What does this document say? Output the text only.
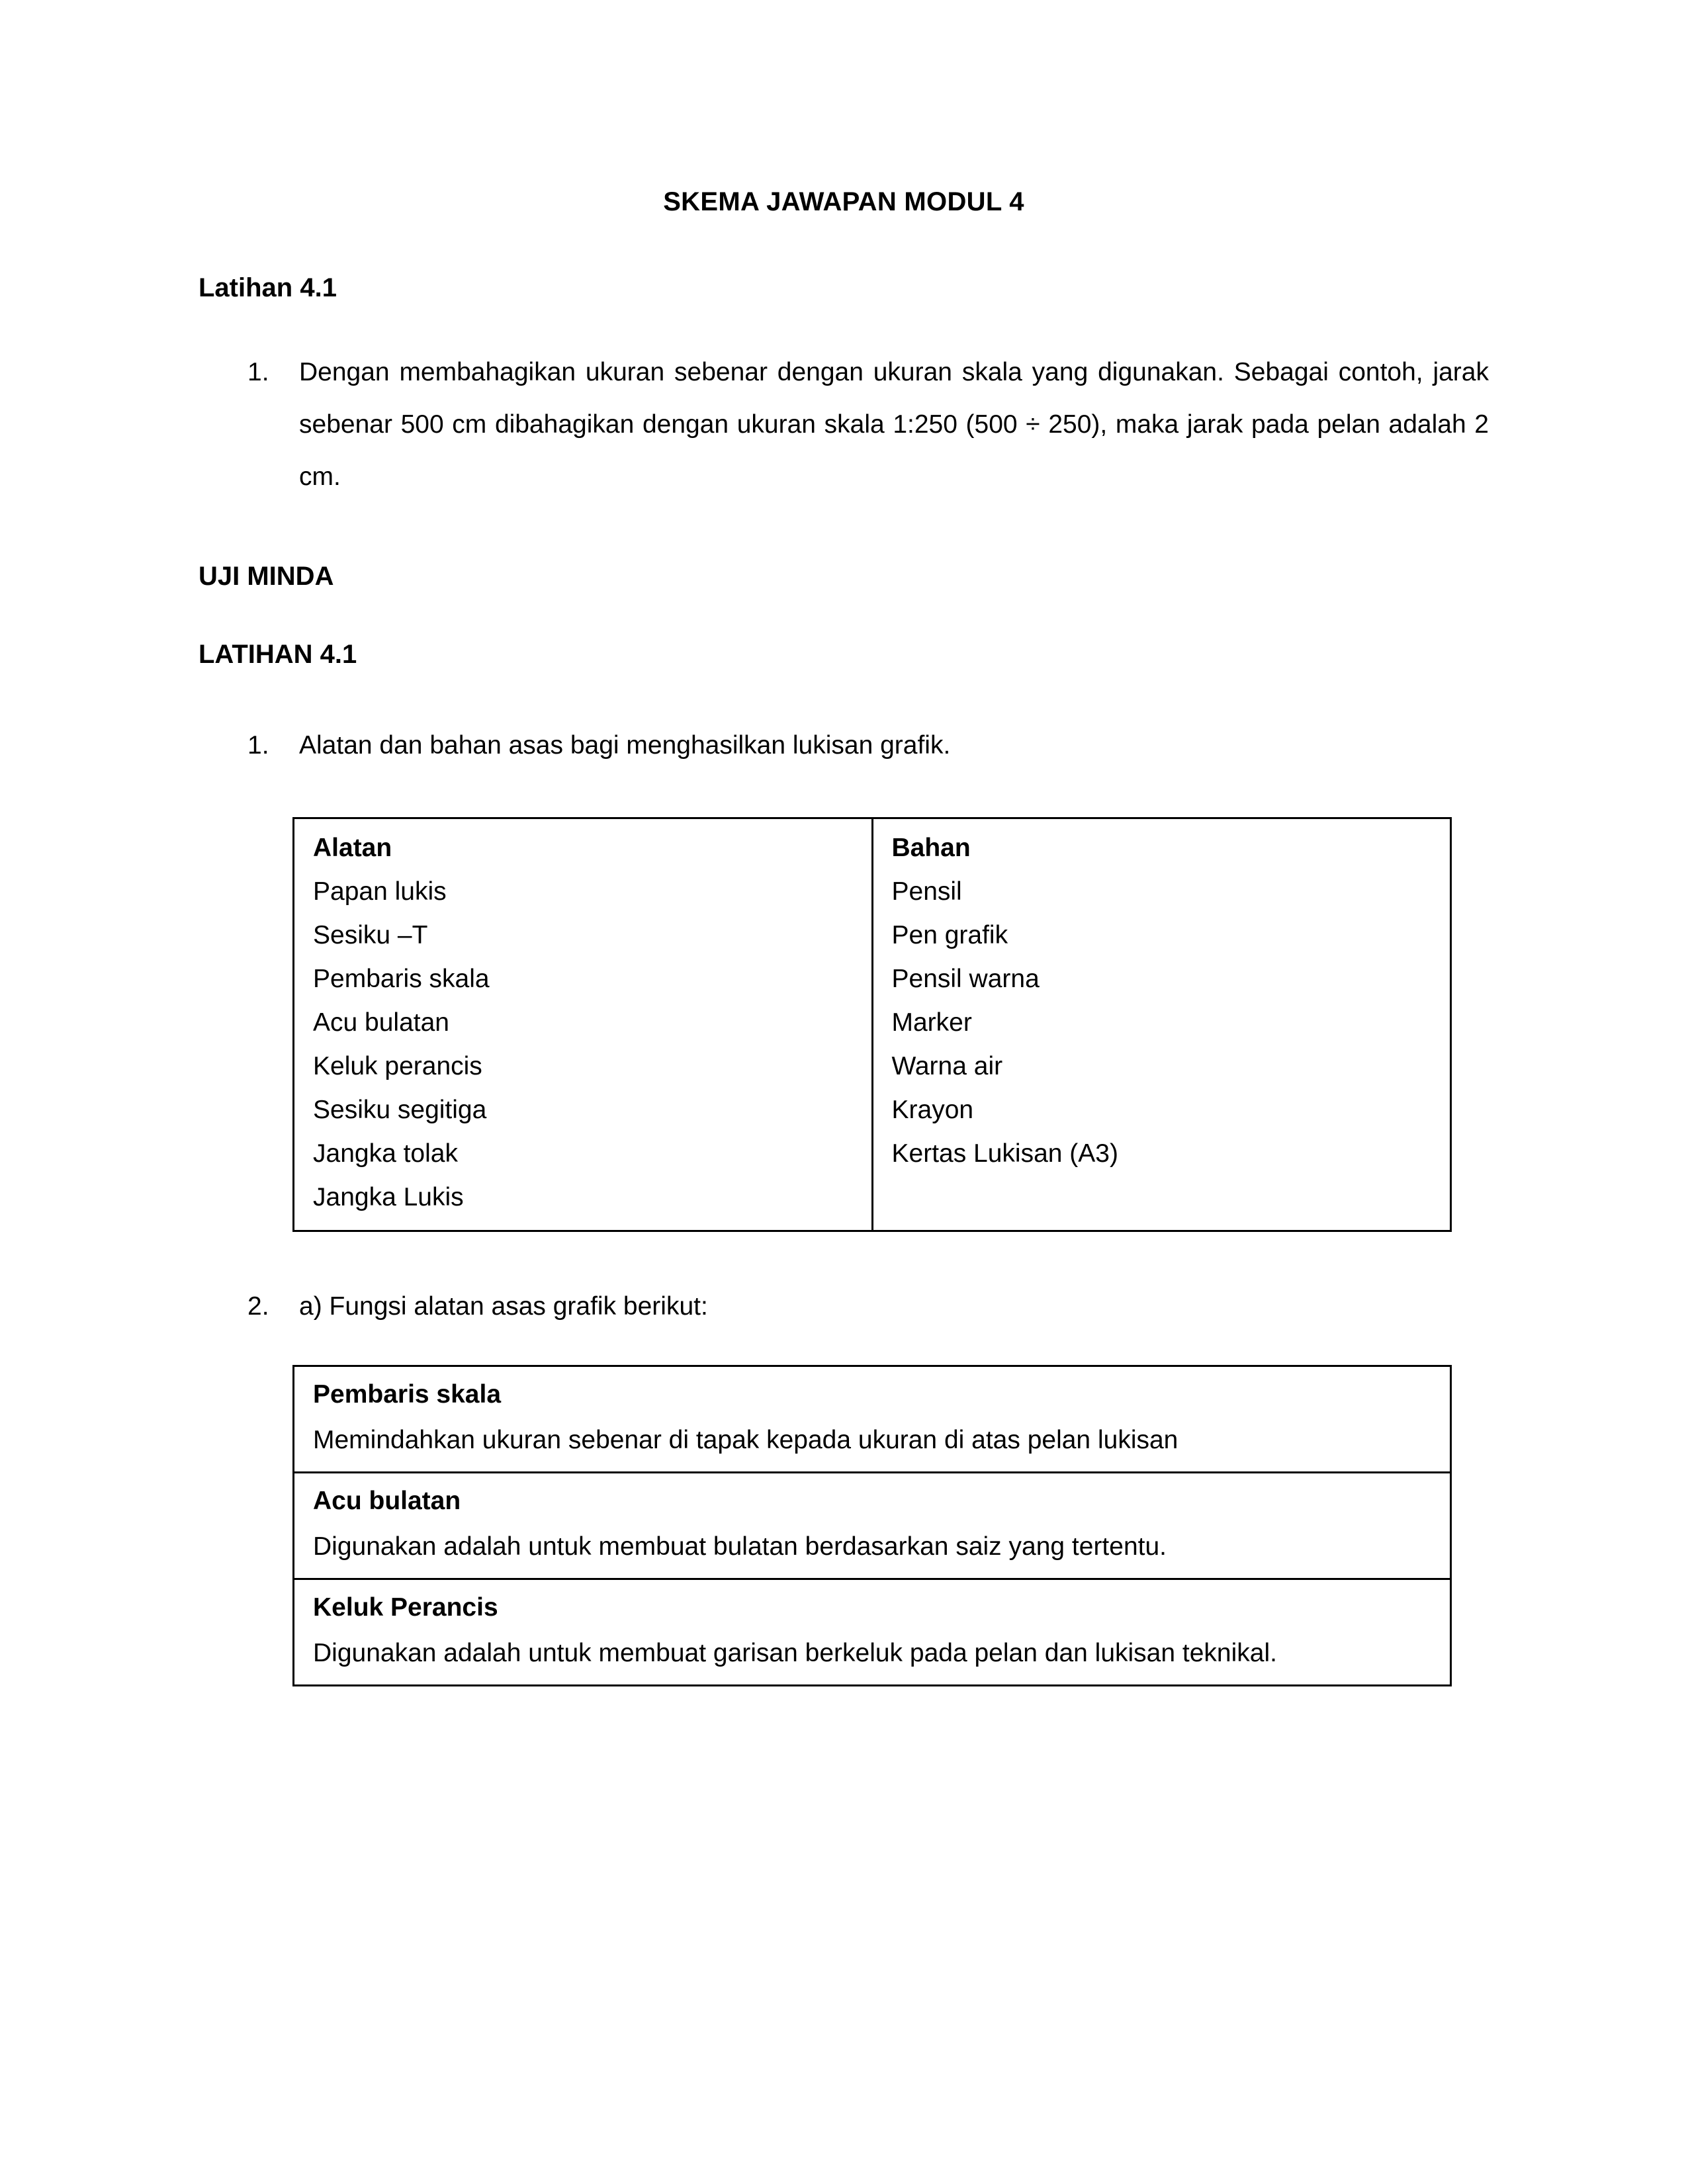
SKEMA JAWAPAN MODUL 4
Latihan 4.1
1.	Dengan membahagikan ukuran sebenar dengan ukuran skala yang digunakan. Sebagai contoh, jarak sebenar 500 cm dibahagikan dengan ukuran skala 1:250 (500 ÷ 250), maka jarak pada pelan adalah 2 cm.
UJI MINDA
LATIHAN 4.1
1.	Alatan dan bahan asas bagi menghasilkan lukisan grafik.
Alatan
Papan lukis
Sesiku –T
Pembaris skala
Acu bulatan
Keluk perancis
Sesiku segitiga
Jangka tolak
Jangka Lukis

Bahan
Pensil
Pen grafik
Pensil warna
Marker
Warna air
Krayon
Kertas Lukisan (A3)
2.	a) Fungsi alatan asas grafik berikut:
Pembaris skala
Memindahkan ukuran sebenar di tapak kepada ukuran di atas pelan lukisan

Acu bulatan
Digunakan adalah untuk membuat bulatan berdasarkan saiz yang tertentu.

Keluk Perancis
Digunakan adalah untuk membuat garisan berkeluk pada pelan dan lukisan teknikal.
